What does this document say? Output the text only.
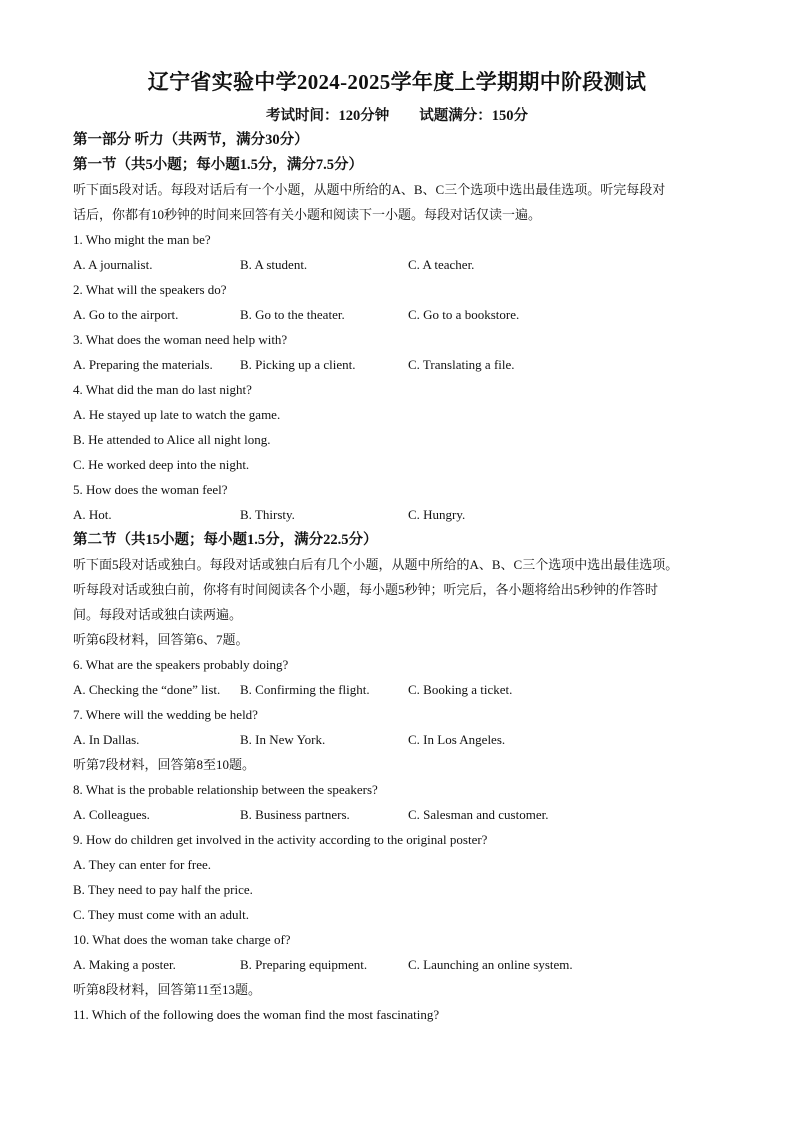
辽宁省实验中学2024-2025学年度上学期期中阶段测试
考试时间：120分钟 试题满分：150分
第一部分 听力（共两节，满分30分）
第一节（共5小题；每小题1.5分，满分7.5分）
听下面5段对话。每段对话后有一个小题，从题中所给的A、B、C三个选项中选出最佳选项。听完每段对
话后，你都有10秒钟的时间来回答有关小题和阅读下一小题。每段对话仅读一遍。
1. Who might the man be?
A. A journalist.	B. A student.	C. A teacher.
2. What will the speakers do?
A. Go to the airport.	B. Go to the theater.	C. Go to a bookstore.
3. What does the woman need help with?
A. Preparing the materials. B. Picking up a client.	C. Translating a file.
4. What did the man do last night?
A. He stayed up late to watch the game.
B. He attended to Alice all night long.
C. He worked deep into the night.
5. How does the woman feel?
A. Hot.	B. Thirsty.	C. Hungry.
第二节（共15小题；每小题1.5分，满分22.5分）
听下面5段对话或独白。每段对话或独白后有几个小题，从题中所给的A、B、C三个选项中选出最佳选项。
听每段对话或独白前，你将有时间阅读各个小题，每小题5秒钟；听完后，各小题将给出5秒钟的作答时
间。每段对话或独白读两遍。
听第6段材料，回答第6、7题。
6. What are the speakers probably doing?
A. Checking the “done” list. B. Confirming the flight.	C. Booking a ticket.
7. Where will the wedding be held?
A. In Dallas.	B. In New York.	C. In Los Angeles.
听第7段材料，回答第8至10题。
8. What is the probable relationship between the speakers?
A. Colleagues.	B. Business partners.	C. Salesman and customer.
9. How do children get involved in the activity according to the original poster?
A. They can enter for free.
B. They need to pay half the price.
C. They must come with an adult.
10. What does the woman take charge of?
A. Making a poster.	B. Preparing equipment.	C. Launching an online system.
听第8段材料，回答第11至13题。
11. Which of the following does the woman find the most fascinating?
